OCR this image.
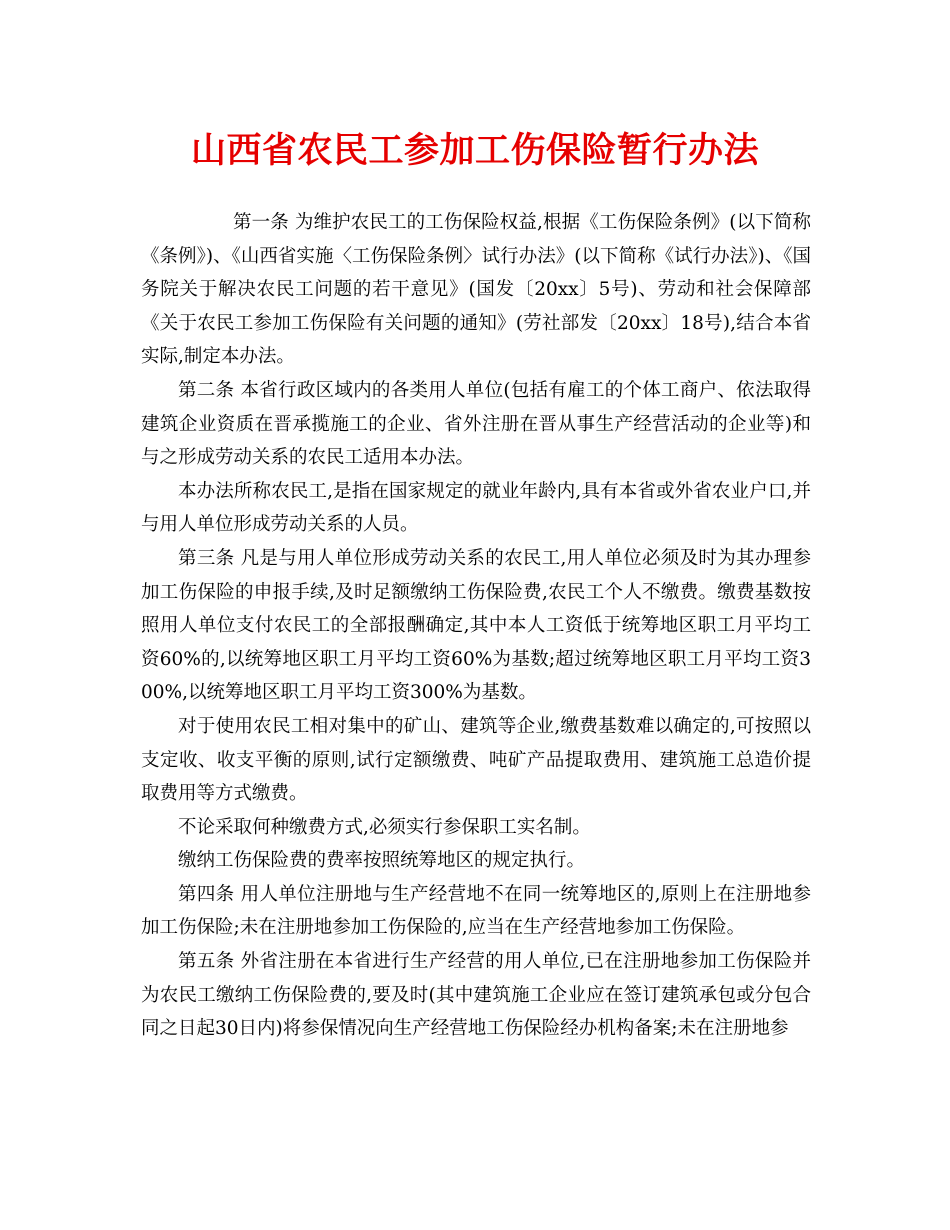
山西省农民工参加工伤保险暂行办法

第一条 为维护农民工的工伤保险权益,根据《工伤保险条例》(以下简称《条例》)、《山西省实施〈工伤保险条例〉试行办法》(以下简称《试行办法》)、《国务院关于解决农民工问题的若干意见》(国发〔20xx〕5号)、劳动和社会保障部《关于农民工参加工伤保险有关问题的通知》(劳社部发〔20xx〕18号),结合本省实际,制定本办法。

第二条 本省行政区域内的各类用人单位(包括有雇工的个体工商户、依法取得建筑企业资质在晋承揽施工的企业、省外注册在晋从事生产经营活动的企业等)和与之形成劳动关系的农民工适用本办法。

本办法所称农民工,是指在国家规定的就业年龄内,具有本省或外省农业户口,并与用人单位形成劳动关系的人员。

第三条 凡是与用人单位形成劳动关系的农民工,用人单位必须及时为其办理参加工伤保险的申报手续,及时足额缴纳工伤保险费,农民工个人不缴费。缴费基数按照用人单位支付农民工的全部报酬确定,其中本人工资低于统筹地区职工月平均工资60%的,以统筹地区职工月平均工资60%为基数;超过统筹地区职工月平均工资300%,以统筹地区职工月平均工资300%为基数。

对于使用农民工相对集中的矿山、建筑等企业,缴费基数难以确定的,可按照以支定收、收支平衡的原则,试行定额缴费、吨矿产品提取费用、建筑施工总造价提取费用等方式缴费。

不论采取何种缴费方式,必须实行参保职工实名制。

缴纳工伤保险费的费率按照统筹地区的规定执行。

第四条 用人单位注册地与生产经营地不在同一统筹地区的,原则上在注册地参加工伤保险;未在注册地参加工伤保险的,应当在生产经营地参加工伤保险。

第五条 外省注册在本省进行生产经营的用人单位,已在注册地参加工伤保险并为农民工缴纳工伤保险费的,要及时(其中建筑施工企业应在签订建筑承包或分包合同之日起30日内)将参保情况向生产经营地工伤保险经办机构备案;未在注册地参
